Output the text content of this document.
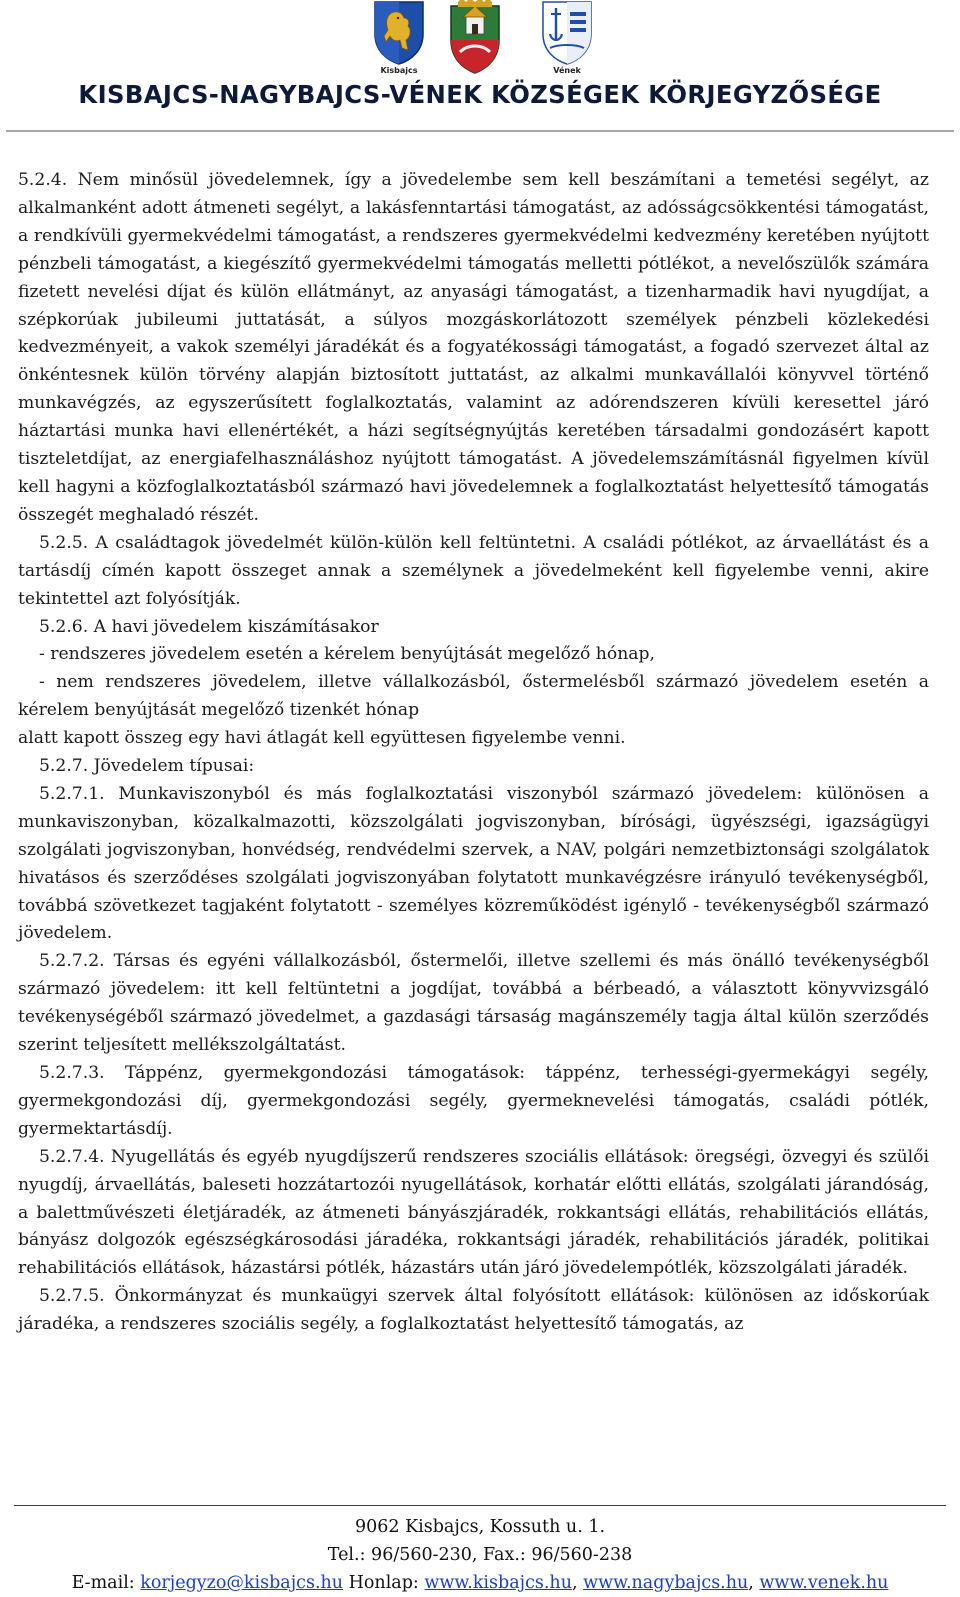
Kisbajcs	Vének
KISBAJCS-NAGYBAJCS-VÉNEK KÖZSÉGEK KÖRJEGYZŐSÉGE

5.2.4. Nem minősül jövedelemnek, így a jövedelembe sem kell beszámítani a temetési segélyt, az alkalmanként adott átmeneti segélyt, a lakásfenntartási támogatást, az adósságcsökkentési támogatást, a rendkívüli gyermekvédelmi támogatást, a rendszeres gyermekvédelmi kedvezmény keretében nyújtott pénzbeli támogatást, a kiegészítő gyermekvédelmi támogatás melletti pótlékot, a nevelőszülők számára fizetett nevelési díjat és külön ellátmányt, az anyasági támogatást, a tizenharmadik havi nyugdíjat, a szépkorúak jubileumi juttatását, a súlyos mozgáskorlátozott személyek pénzbeli közlekedési kedvezményeit, a vakok személyi járadékát és a fogyatékossági támogatást, a fogadó szervezet által az önkéntesnek külön törvény alapján biztosított juttatást, az alkalmi munkavállalói könyvvel történő munkavégzés, az egyszerűsített foglalkoztatás, valamint az adórendszeren kívüli keresettel járó háztartási munka havi ellenértékét, a házi segítségnyújtás keretében társadalmi gondozásért kapott tiszteletdíjat, az energiafelhasználáshoz nyújtott támogatást. A jövedelemszámításnál figyelmen kívül kell hagyni a közfoglalkoztatásból származó havi jövedelemnek a foglalkoztatást helyettesítő támogatás összegét meghaladó részét.

5.2.5. A családtagok jövedelmét külön-külön kell feltüntetni. A családi pótlékot, az árvaellátást és a tartásdíj címén kapott összeget annak a személynek a jövedelmeként kell figyelembe venni, akire tekintettel azt folyósítják.

5.2.6. A havi jövedelem kiszámításakor

- rendszeres jövedelem esetén a kérelem benyújtását megelőző hónap,

- nem rendszeres jövedelem, illetve vállalkozásból, őstermelésből származó jövedelem esetén a kérelem benyújtását megelőző tizenkét hónap

alatt kapott összeg egy havi átlagát kell együttesen figyelembe venni.

5.2.7. Jövedelem típusai:

5.2.7.1. Munkaviszonyból és más foglalkoztatási viszonyból származó jövedelem: különösen a munkaviszonyban, közalkalmazotti, közszolgálati jogviszonyban, bírósági, ügyészségi, igazságügyi szolgálati jogviszonyban, honvédség, rendvédelmi szervek, a NAV, polgári nemzetbiztonsági szolgálatok hivatásos és szerződéses szolgálati jogviszonyában folytatott munkavégzésre irányuló tevékenységből, továbbá szövetkezet tagjaként folytatott - személyes közreműködést igénylő - tevékenységből származó jövedelem.

5.2.7.2. Társas és egyéni vállalkozásból, őstermelői, illetve szellemi és más önálló tevékenységből származó jövedelem: itt kell feltüntetni a jogdíjat, továbbá a bérbeadó, a választott könyvvizsgáló tevékenységéből származó jövedelmet, a gazdasági társaság magánszemély tagja által külön szerződés szerint teljesített mellékszolgáltatást.

5.2.7.3. Táppénz, gyermekgondozási támogatások: táppénz, terhességi-gyermekágyi segély, gyermekgondozási díj, gyermekgondozási segély, gyermeknevelési támogatás, családi pótlék, gyermektartásdíj.

5.2.7.4. Nyugellátás és egyéb nyugdíjszerű rendszeres szociális ellátások: öregségi, özvegyi és szülői nyugdíj, árvaellátás, baleseti hozzátartozói nyugellátások, korhatár előtti ellátás, szolgálati járandóság, a balettművészeti életjáradék, az átmeneti bányászjáradék, rokkantsági ellátás, rehabilitációs ellátás, bányász dolgozók egészségkárosodási járadéka, rokkantsági járadék, rehabilitációs járadék, politikai rehabilitációs ellátások, házastársi pótlék, házastárs után járó jövedelempótlék, közszolgálati járadék.

5.2.7.5. Önkormányzat és munkaügyi szervek által folyósított ellátások: különösen az időskorúak járadéka, a rendszeres szociális segély, a foglalkoztatást helyettesítő támogatás, az

9062 Kisbajcs, Kossuth u. 1.
Tel.: 96/560-230, Fax.: 96/560-238
E-mail: korjegyzo@kisbajcs.hu Honlap: www.kisbajcs.hu, www.nagybajcs.hu, www.venek.hu
